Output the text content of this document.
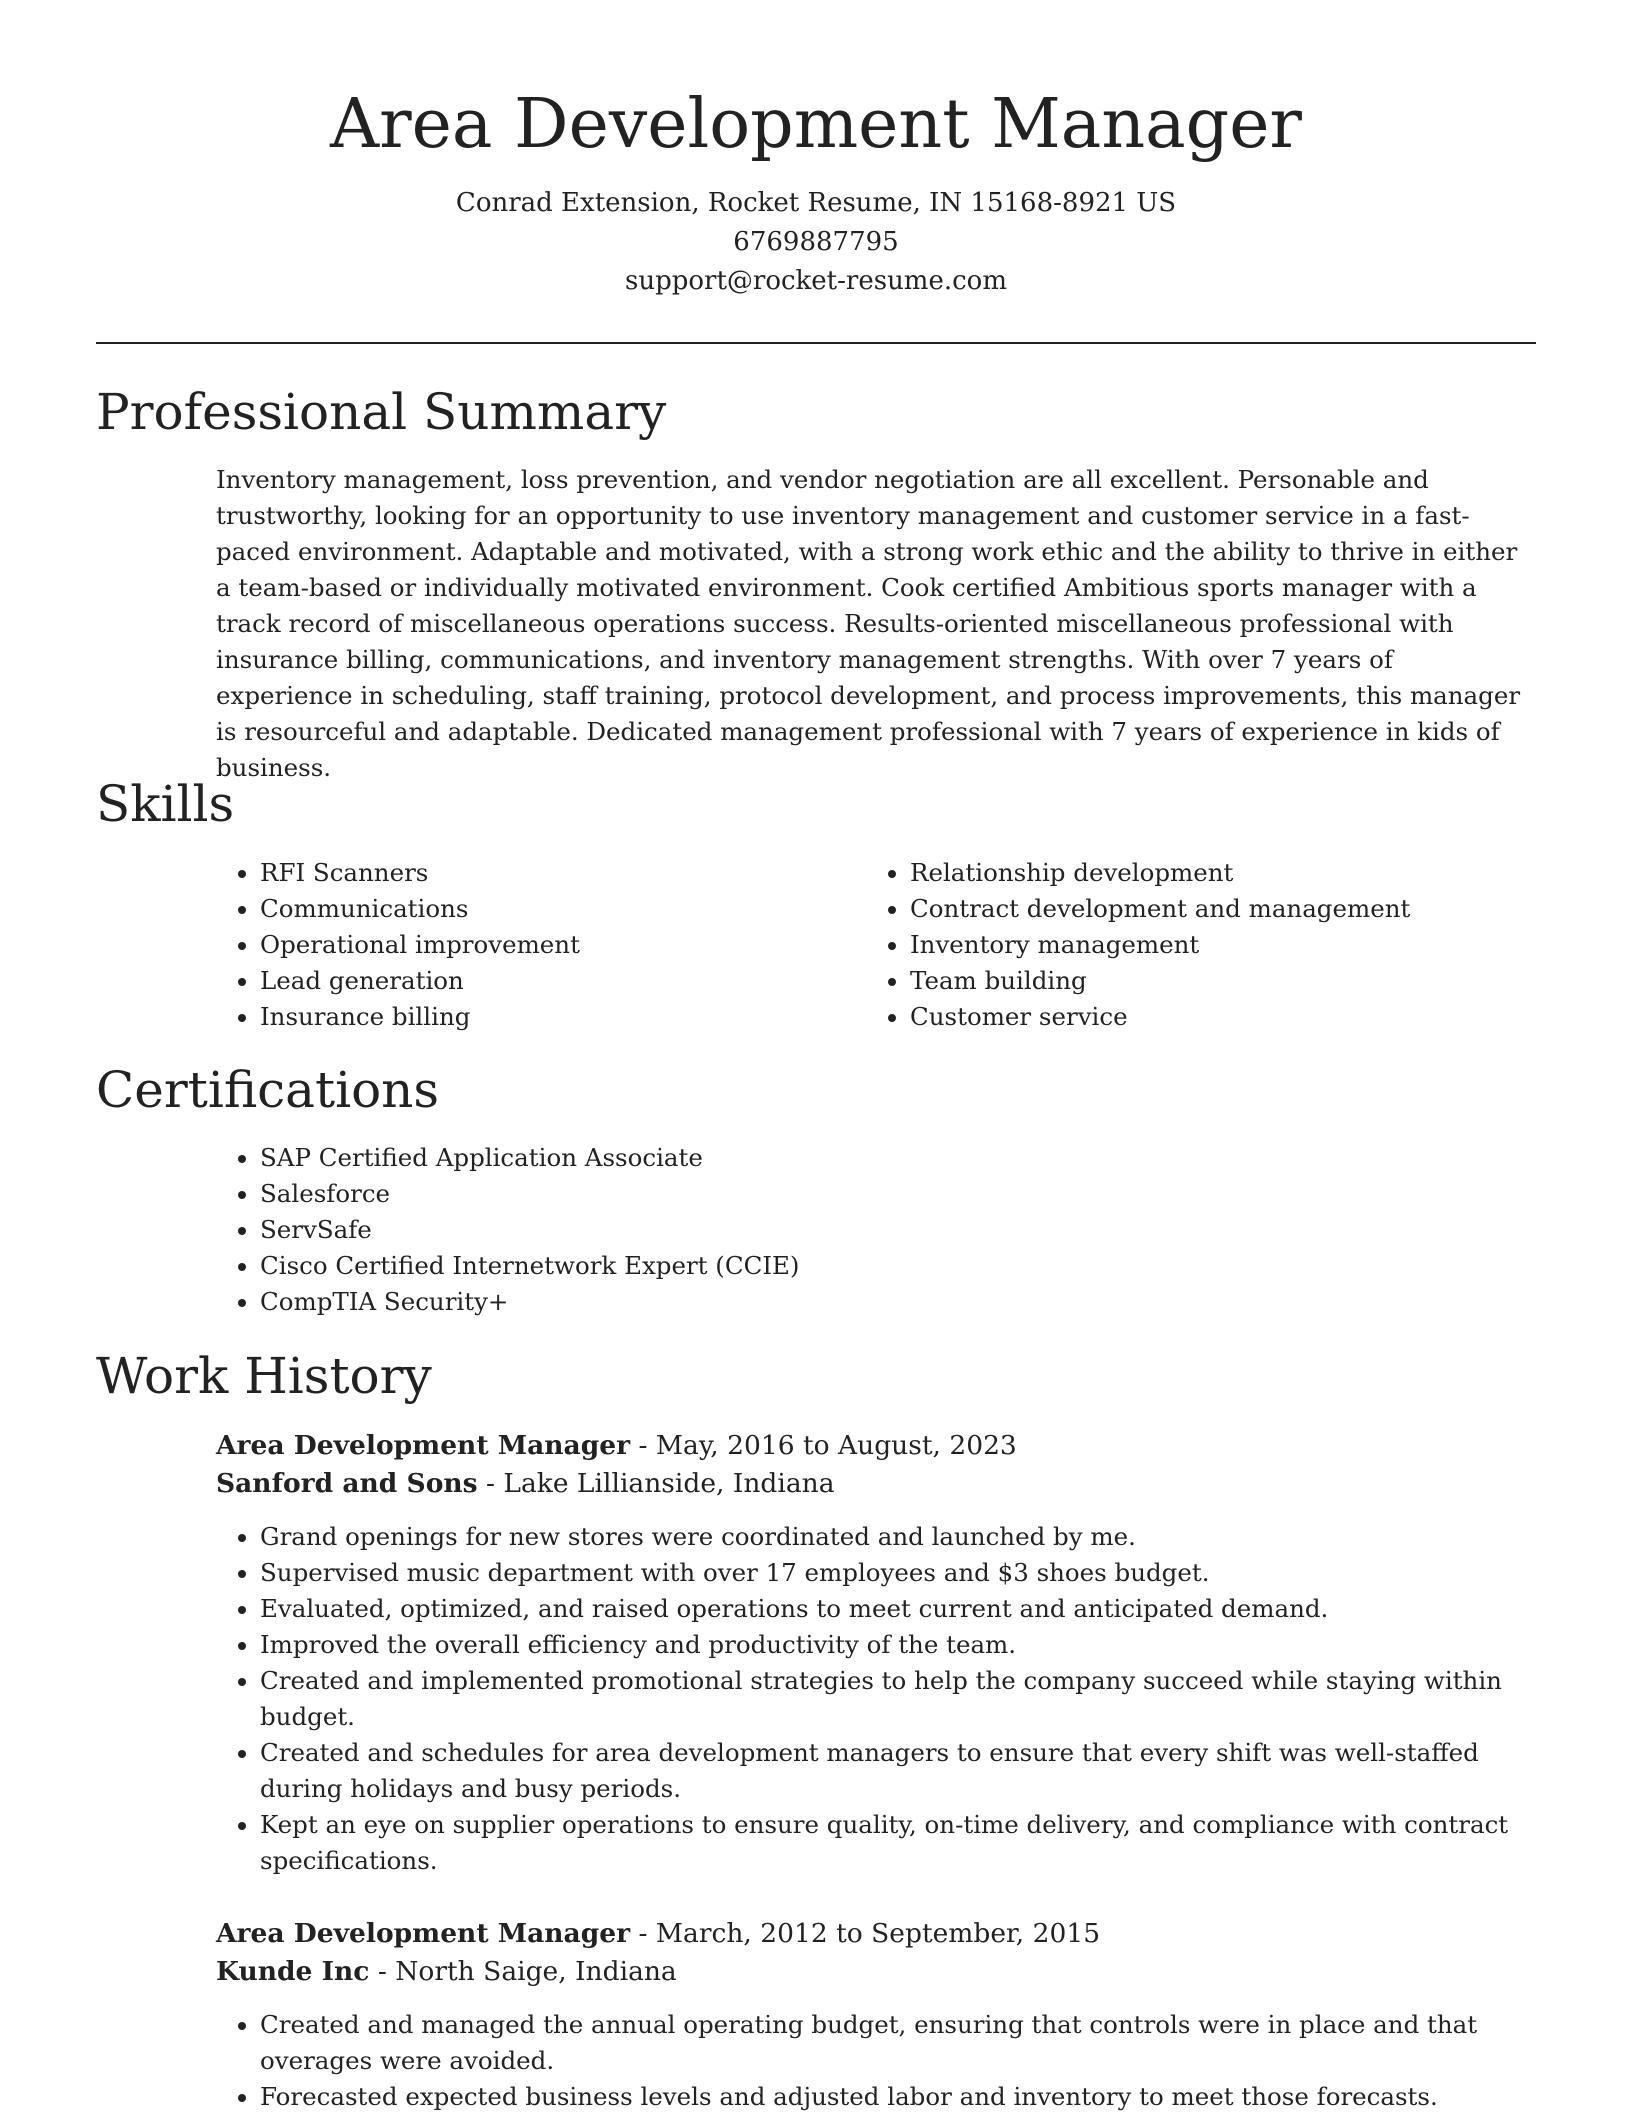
Area Development Manager
Conrad Extension, Rocket Resume, IN 15168-8921 US
6769887795
support@rocket-resume.com
Professional Summary

Inventory management, loss prevention, and vendor negotiation are all excellent. Personable and trustworthy, looking for an opportunity to use inventory management and customer service in a fast-paced environment. Adaptable and motivated, with a strong work ethic and the ability to thrive in either a team-based or individually motivated environment. Cook certified Ambitious sports manager with a track record of miscellaneous operations success. Results-oriented miscellaneous professional with insurance billing, communications, and inventory management strengths. With over 7 years of experience in scheduling, staff training, protocol development, and process improvements, this manager is resourceful and adaptable. Dedicated management professional with 7 years of experience in kids of business.

Skills
• RFI Scanners
• Communications
• Operational improvement
• Lead generation
• Insurance billing
• Relationship development
• Contract development and management
• Inventory management
• Team building
• Customer service
Certifications
• SAP Certified Application Associate
• Salesforce
• ServSafe
• Cisco Certified Internetwork Expert (CCIE)
• CompTIA Security+
Work History
Area Development Manager - May, 2016 to August, 2023
Sanford and Sons - Lake Lillianside, Indiana
• Grand openings for new stores were coordinated and launched by me.
• Supervised music department with over 17 employees and $3 shoes budget.
• Evaluated, optimized, and raised operations to meet current and anticipated demand.
• Improved the overall efficiency and productivity of the team.
• Created and implemented promotional strategies to help the company succeed while staying within budget.
• Created and schedules for area development managers to ensure that every shift was well-staffed during holidays and busy periods.
• Kept an eye on supplier operations to ensure quality, on-time delivery, and compliance with contract specifications.
Area Development Manager - March, 2012 to September, 2015
Kunde Inc - North Saige, Indiana
• Created and managed the annual operating budget, ensuring that controls were in place and that overages were avoided.
• Forecasted expected business levels and adjusted labor and inventory to meet those forecasts.
